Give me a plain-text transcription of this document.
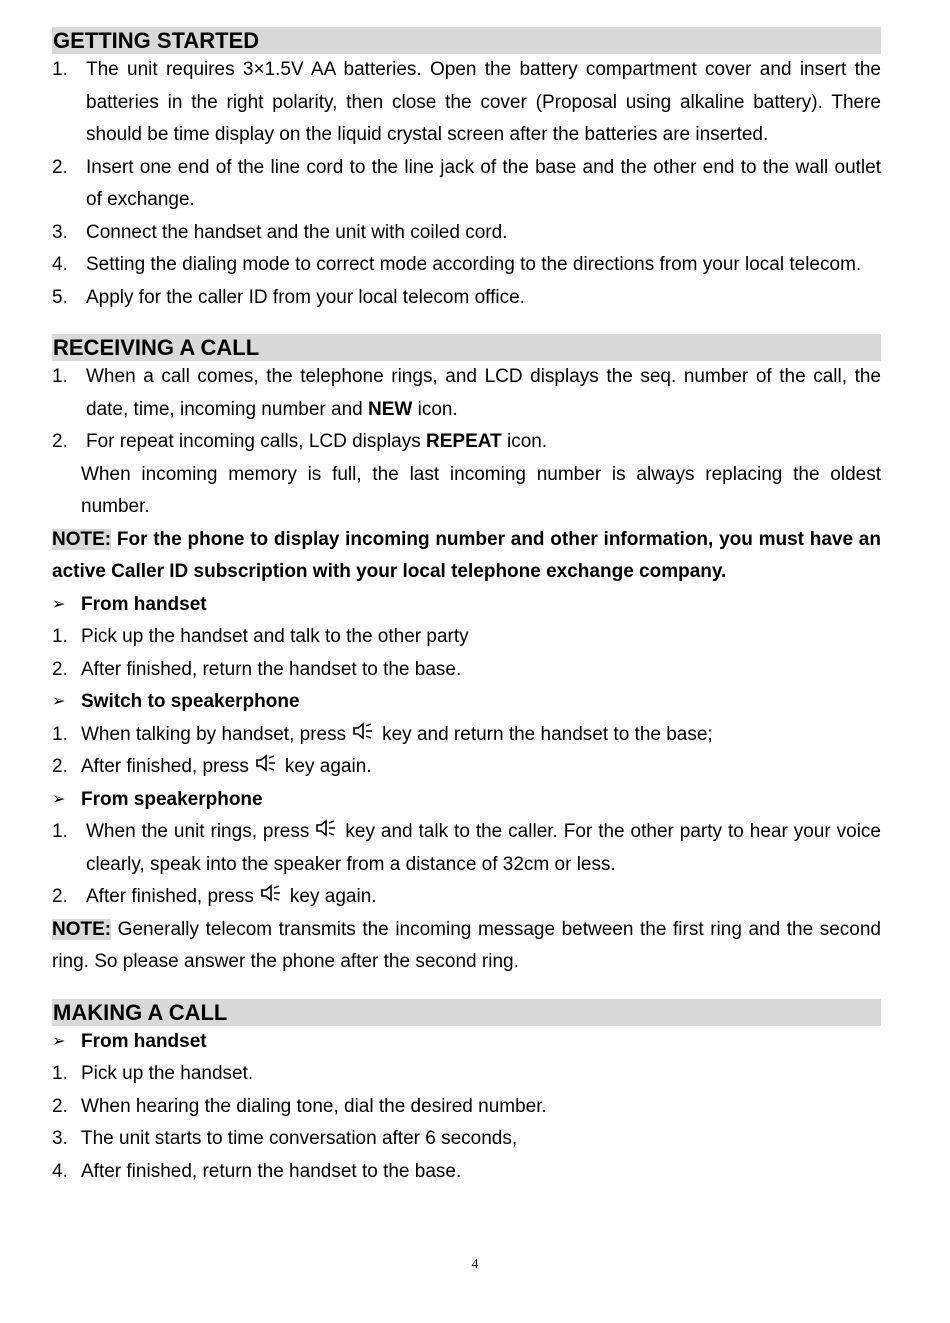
GETTING STARTED

1. The unit requires 3×1.5V AA batteries. Open the battery compartment cover and insert the batteries in the right polarity, then close the cover (Proposal using alkaline battery). There should be time display on the liquid crystal screen after the batteries are inserted.

2. Insert one end of the line cord to the line jack of the base and the other end to the wall outlet of exchange.

3. Connect the handset and the unit with coiled cord.

4. Setting the dialing mode to correct mode according to the directions from your local telecom.

5. Apply for the caller ID from your local telecom office.

RECEIVING A CALL

1. When a call comes, the telephone rings, and LCD displays the seq. number of the call, the date, time, incoming number and NEW icon.

2. For repeat incoming calls, LCD displays REPEAT icon.

When incoming memory is full, the last incoming number is always replacing the oldest number.

NOTE: For the phone to display incoming number and other information, you must have an active Caller ID subscription with your local telephone exchange company.

➢ From handset

1. Pick up the handset and talk to the other party

2. After finished, return the handset to the base.

➢ Switch to speakerphone

1. When talking by handset, press key and return the handset to the base;

2. After finished, press key again.

➢ From speakerphone

1. When the unit rings, press key and talk to the caller. For the other party to hear your voice clearly, speak into the speaker from a distance of 32cm or less.

2. After finished, press key again.

NOTE: Generally telecom transmits the incoming message between the first ring and the second ring. So please answer the phone after the second ring.

MAKING A CALL

➢ From handset

1. Pick up the handset.

2. When hearing the dialing tone, dial the desired number.

3. The unit starts to time conversation after 6 seconds,

4. After finished, return the handset to the base.

4
